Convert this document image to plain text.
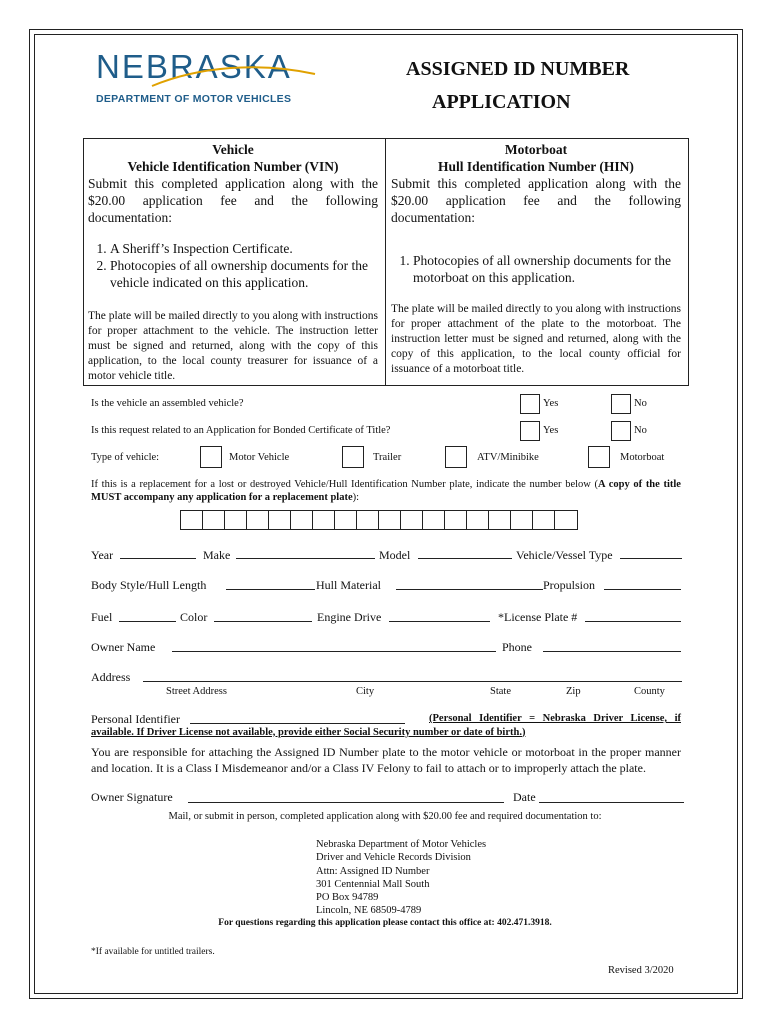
NEBRASKA
DEPARTMENT OF MOTOR VEHICLES
ASSIGNED ID NUMBER
APPLICATION
Vehicle
Vehicle Identification Number (VIN)
Submit this completed application along with the $20.00 application fee and the following documentation:
1. A Sheriff’s Inspection Certificate.
2. Photocopies of all ownership documents for the vehicle indicated on this application.
The plate will be mailed directly to you along with instructions for proper attachment to the vehicle. The instruction letter must be signed and returned, along with the copy of this application, to the local county treasurer for issuance of a motor vehicle title.
Motorboat
Hull Identification Number (HIN)
Submit this completed application along with the $20.00 application fee and the following documentation:
1. Photocopies of all ownership documents for the motorboat on this application.
The plate will be mailed directly to you along with instructions for proper attachment of the plate to the motorboat. The instruction letter must be signed and returned, along with the copy of this application, to the local county official for issuance of a motorboat title.
Is the vehicle an assembled vehicle?	Yes	No
Is this request related to an Application for Bonded Certificate of Title?	Yes	No
Type of vehicle:	Motor Vehicle	Trailer	ATV/Minibike	Motorboat
If this is a replacement for a lost or destroyed Vehicle/Hull Identification Number plate, indicate the number below (A copy of the title MUST accompany any application for a replacement plate):
Year	Make	Model	Vehicle/Vessel Type
Body Style/Hull Length	Hull Material	Propulsion
Fuel	Color	Engine Drive	*License Plate #
Owner Name	Phone
Address
Street Address	City	State	Zip	County
Personal Identifier	(Personal Identifier = Nebraska Driver License, if available. If Driver License not available, provide either Social Security number or date of birth.)
You are responsible for attaching the Assigned ID Number plate to the motor vehicle or motorboat in the proper manner and location. It is a Class I Misdemeanor and/or a Class IV Felony to fail to attach or to improperly attach the plate.
Owner Signature	Date
Mail, or submit in person, completed application along with $20.00 fee and required documentation to:
Nebraska Department of Motor Vehicles
Driver and Vehicle Records Division
Attn: Assigned ID Number
301 Centennial Mall South
PO Box 94789
Lincoln, NE 68509-4789
For questions regarding this application please contact this office at: 402.471.3918.
*If available for untitled trailers.
Revised 3/2020
